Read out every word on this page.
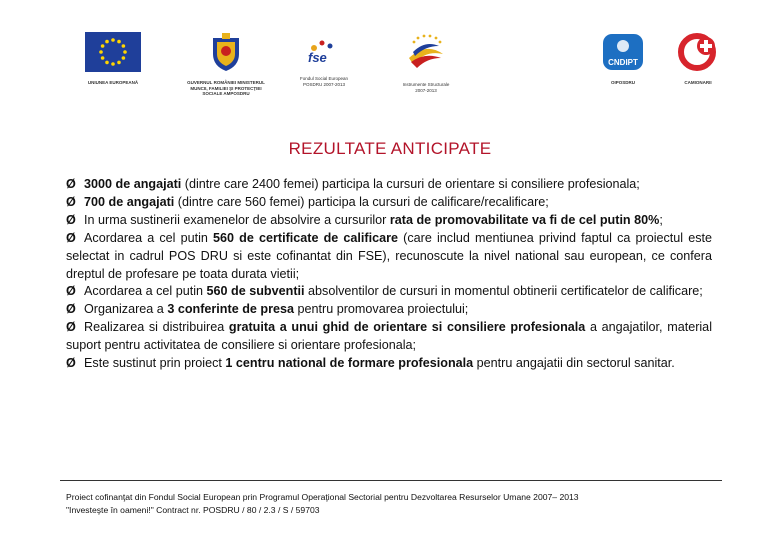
UNIUNEA EUROPEANĂ	GUVERNUL ROMÂNIEI MINISTERUL MUNCII, FAMILIEI ŞI PROTECŢIEI SOCIALE AMPOSDRU
fse
Fondul Social European POSDRU 2007-2013	Instrumente Structurale 2007-2013
CNDIPT
OIPOSDRU	CAMIONARII
REZULTATE ANTICIPATE

Ø 3000 de angajati (dintre care 2400 femei) participa la cursuri de orientare si consiliere profesionala;

Ø 700 de angajati (dintre care 560 femei) participa la cursuri de calificare/recalificare;

Ø In urma sustinerii examenelor de absolvire a cursurilor rata de promovabilitate va fi de cel putin 80%;

Ø Acordarea a cel putin 560 de certificate de calificare (care includ mentiunea privind faptul ca proiectul este selectat in cadrul POS DRU si este cofinantat din FSE), recunoscute la nivel national sau european, ce confera dreptul de profesare pe toata durata vietii;

Ø Acordarea a cel putin 560 de subventii absolventilor de cursuri in momentul obtinerii certificatelor de calificare;

Ø Organizarea a 3 conferinte de presa pentru promovarea proiectului;

Ø Realizarea si distribuirea gratuita a unui ghid de orientare si consiliere profesionala a angajatilor, material suport pentru activitatea de consiliere si orientare profesionala;

Ø Este sustinut prin proiect 1 centru national de formare profesionala pentru angajatii din sectorul sanitar.

Proiect cofinanţat din Fondul Social European prin Programul Operaţional Sectorial pentru Dezvoltarea Resurselor Umane 2007– 2013
"Investeşte în oameni!" Contract nr. POSDRU / 80 / 2.3 / S / 59703
